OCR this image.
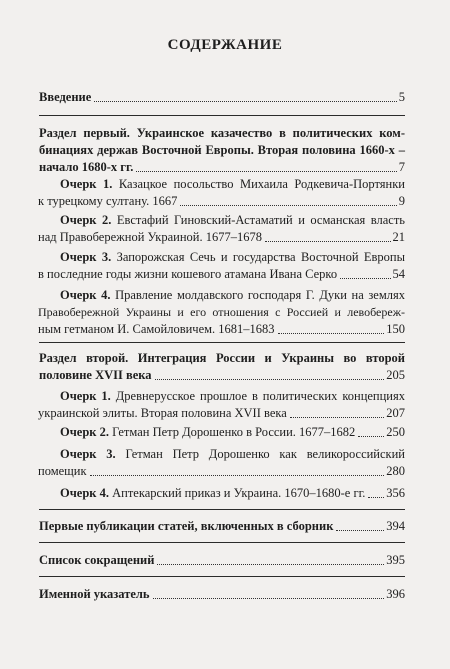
СОДЕРЖАНИЕ
Введение	5
Раздел первый. Украинское казачество в политических ком-
бинациях держав Восточной Европы. Вторая половина 1660-х –
начало 1680-х гг.	7
Очерк 1. Казацкое посольство Михаила Родкевича-Портянки
к турецкому султану. 1667	9
Очерк 2. Евстафий Гиновский-Астаматий и османская власть
над Правобережной Украиной. 1677–1678	21
Очерк 3. Запорожская Сечь и государства Восточной Европы
в последние годы жизни кошевого атамана Ивана Серко	54
Очерк 4. Правление молдавского господаря Г. Дуки на землях
Правобережной Украины и его отношения с Россией и левобереж-
ным гетманом И. Самойловичем. 1681–1683	150
Раздел второй. Интеграция России и Украины во второй
половине XVII века	205
Очерк 1. Древнерусское прошлое в политических концепциях
украинской элиты. Вторая половина XVII века	207
Очерк 2. Гетман Петр Дорошенко в России. 1677–1682 250
Очерк 3. Гетман Петр Дорошенко как великороссийский
помещик	280
Очерк 4. Аптекарский приказ и Украина. 1670–1680-е гг. 356
Первые публикации статей, включенных в сборник	394
Список сокращений	395
Именной указатель	396
